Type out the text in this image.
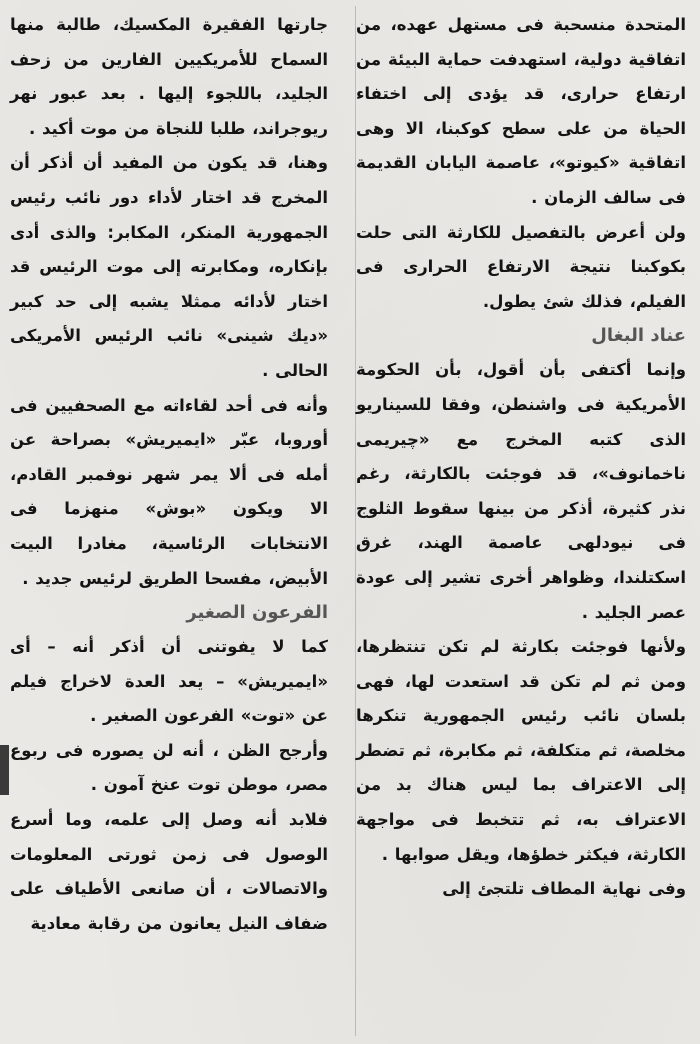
المتحدة منسحبة فى مستهل عهده، من اتفاقية دولية، استهدفت حماية البيئة من ارتفاع حرارى، قد يؤدى إلى اختفاء الحياة من على سطح كوكبنا، الا وهى اتفاقية «كيوتو»، عاصمة اليابان القديمة فى سالف الزمان .

ولن أعرض بالتفصيل للكارثة التى حلت بكوكبنا نتيجة الارتفاع الحرارى فى الفيلم، فذلك شئ يطول.

عناد البغال

وإنما أكتفى بأن أقول، بأن الحكومة الأمريكية فى واشنطن، وفقا للسيناريو الذى كتبه المخرج مع «چيريمى ناخمانوف»، قد فوجئت بالكارثة، رغم نذر كثيرة، أذكر من بينها سقوط الثلوج فى نيودلهى عاصمة الهند، غرق اسكتلندا، وظواهر أخرى تشير إلى عودة عصر الجليد .

ولأنها فوجئت بكارثة لم تكن تنتظرها، ومن ثم لم تكن قد استعدت لها، فهى بلسان نائب رئيس الجمهورية تنكرها مخلصة، ثم متكلفة، ثم مكابرة، ثم تضطر إلى الاعتراف بما ليس هناك بد من الاعتراف به، ثم تتخبط فى مواجهة الكارثة، فيكثر خطؤها، ويقل صوابها .

وفى نهاية المطاف تلتجئ إلى

جارتها الفقيرة المكسيك، طالبة منها السماح للأمريكيين الفارين من زحف الجليد، باللجوء إليها . بعد عبور نهر ريوجراند، طلبا للنجاة من موت أكيد .

وهنا، قد يكون من المفيد أن أذكر أن المخرج قد اختار لأداء دور نائب رئيس الجمهورية المنكر، المكابر: والذى أدى بإنكاره، ومكابرته إلى موت الرئيس قد اختار لأدائه ممثلا يشبه إلى حد كبير «ديك شينى» نائب الرئيس الأمريكى الحالى .

وأنه فى أحد لقاءاته مع الصحفيين فى أوروبا، عبّر «ايميريش» بصراحة عن أمله فى ألا يمر شهر نوفمبر القادم، الا ويكون «بوش» منهزما فى الانتخابات الرئاسية، مغادرا البيت الأبيض، مفسحا الطريق لرئيس جديد .

الفرعون الصغير

كما لا يفوتنى أن أذكر أنه – أى «ايميريش» – يعد العدة لاخراج فيلم عن «توت» الفرعون الصغير .

وأرجح الظن ، أنه لن يصوره فى ربوع مصر، موطن توت عنخ آمون .

فلابد أنه وصل إلى علمه، وما أسرع الوصول فى زمن ثورتى المعلومات والاتصالات ، أن صانعى الأطياف على ضفاف النيل يعانون من رقابة معادية
